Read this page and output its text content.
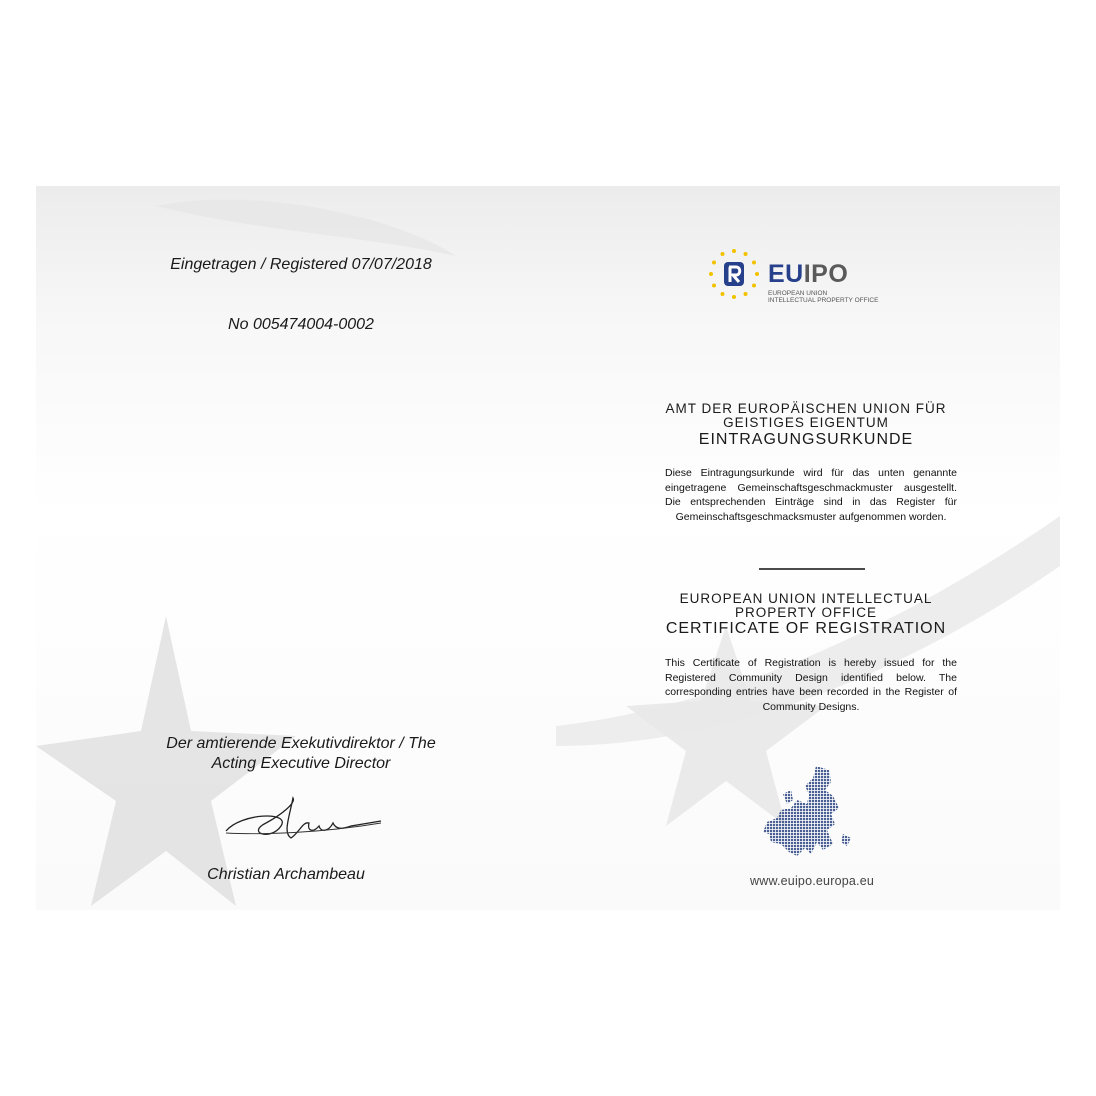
Eingetragen / Registered 07/07/2018
No 005474004-0002
Der amtierende Exekutivdirektor / The
Acting Executive Director
Christian Archambeau
EUIPO
EUROPEAN UNION
INTELLECTUAL PROPERTY OFFICE
AMT DER EUROPÄISCHEN UNION FÜR
GEISTIGES EIGENTUM
EINTRAGUNGSURKUNDE
Diese Eintragungsurkunde wird für das unten genannte eingetragene Gemeinschaftsgeschmackmuster ausgestellt. Die entsprechenden Einträge sind in das Register für Gemeinschaftsgeschmacksmuster aufgenommen worden.
EUROPEAN UNION INTELLECTUAL
PROPERTY OFFICE
CERTIFICATE OF REGISTRATION
This Certificate of Registration is hereby issued for the Registered Community Design identified below. The corresponding entries have been recorded in the Register of Community Designs.
www.euipo.europa.eu
